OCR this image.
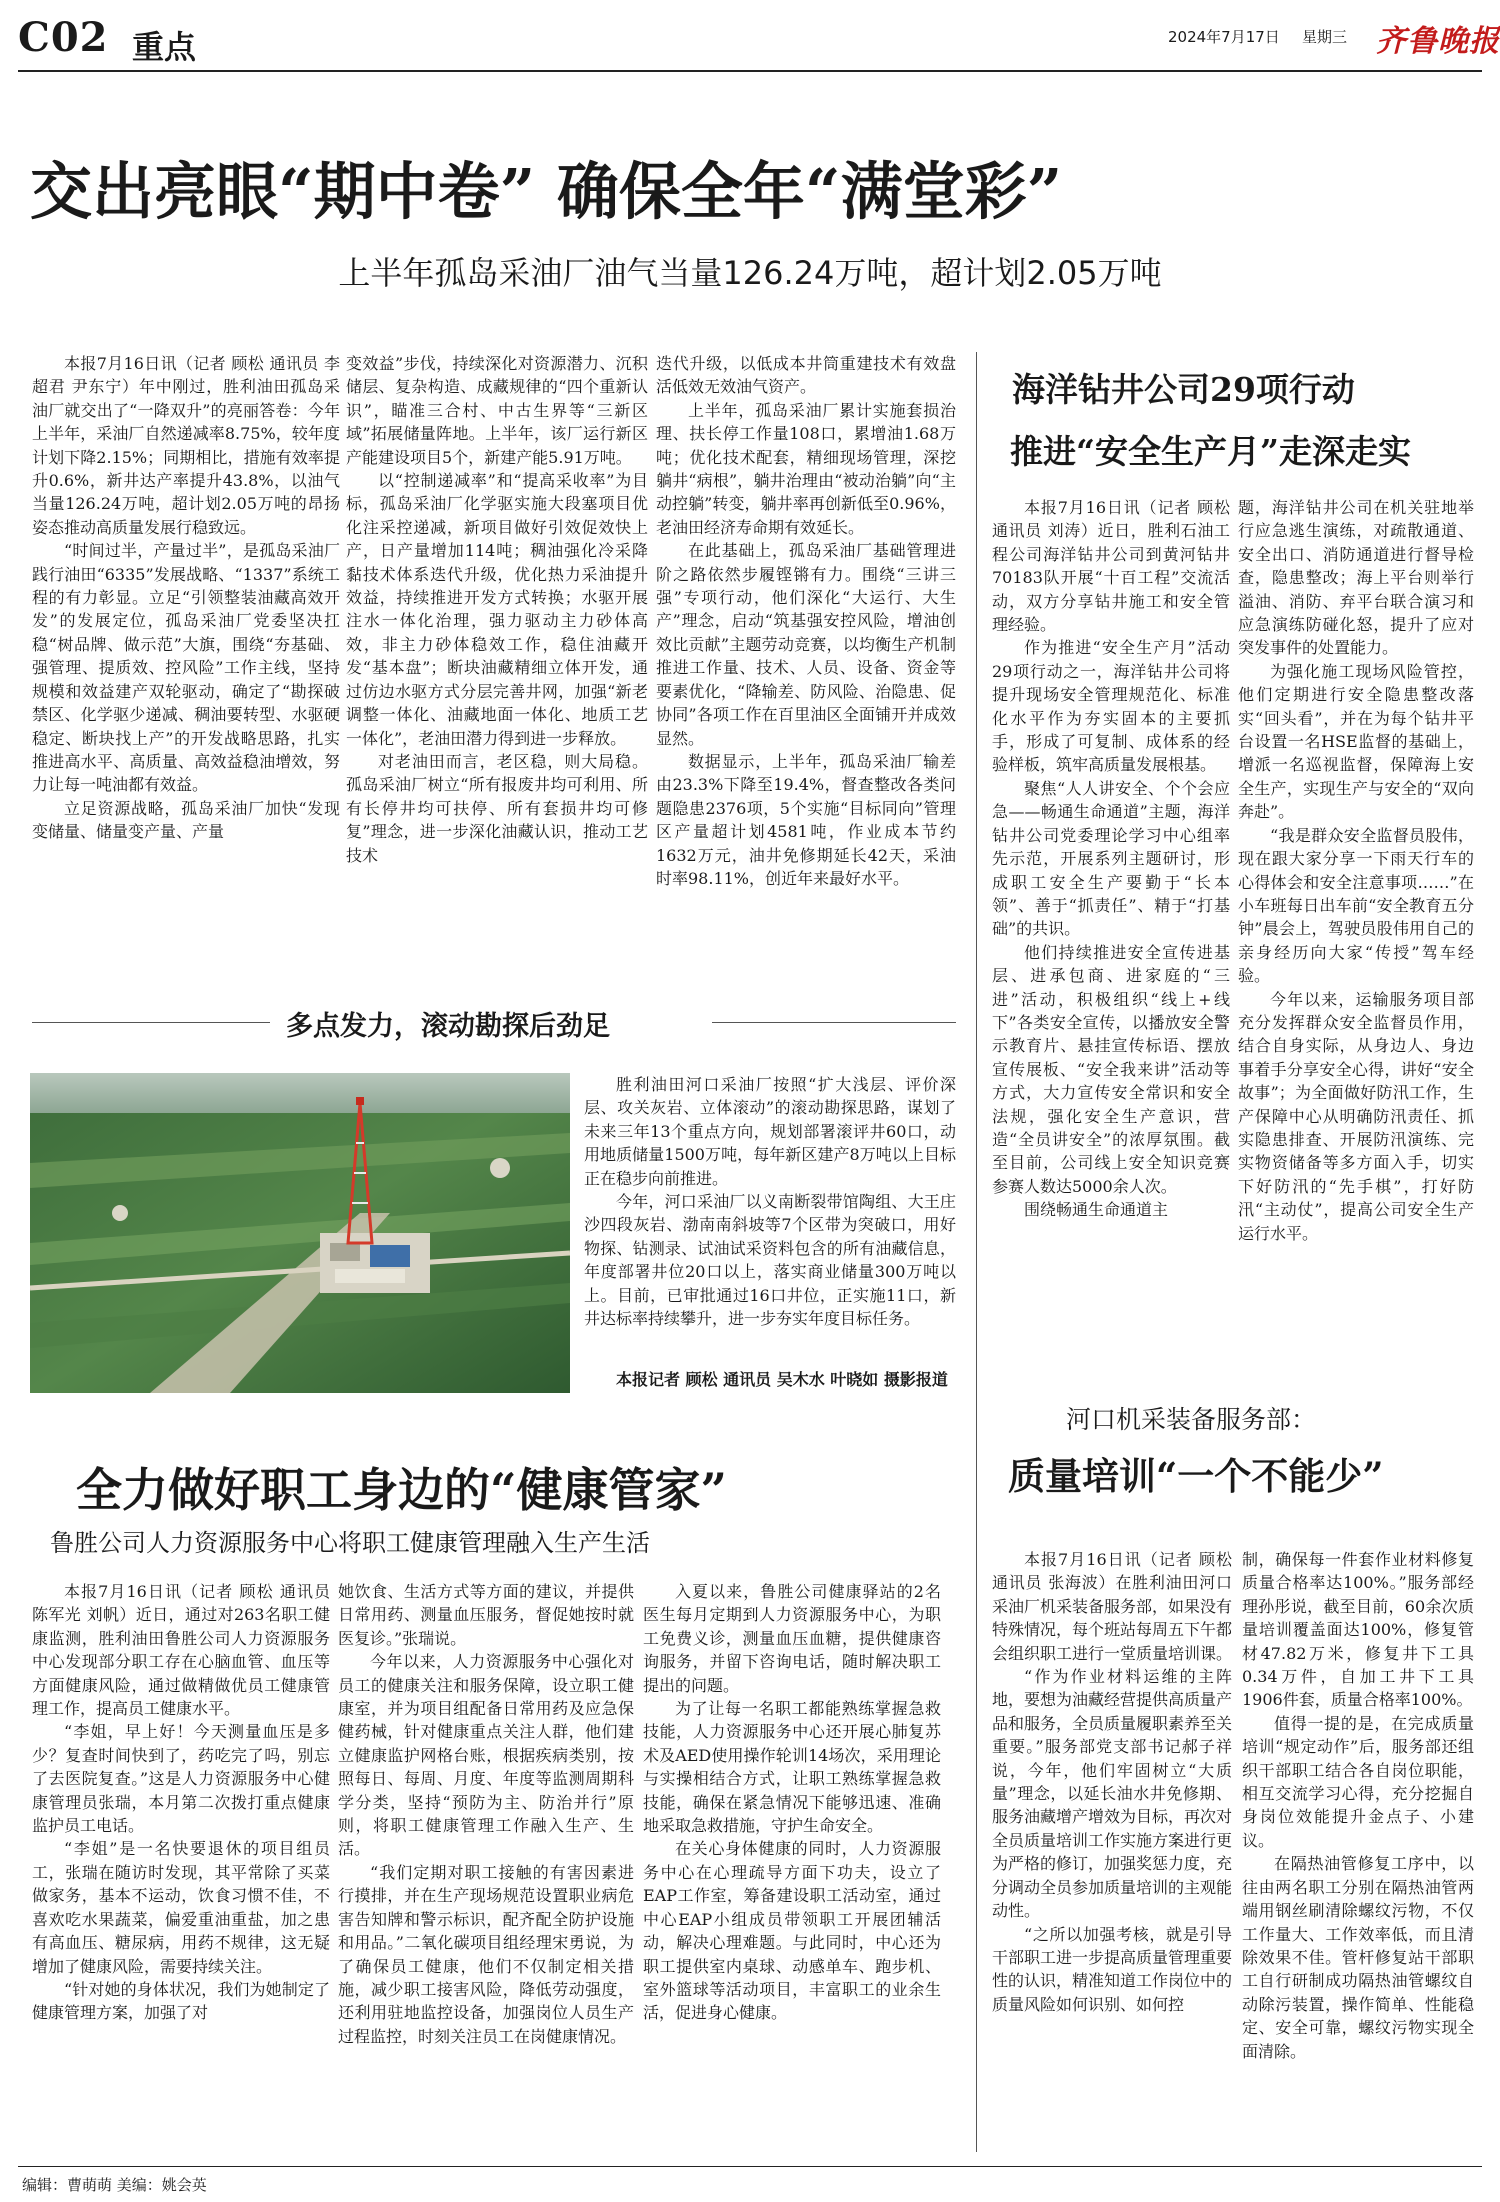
C02 重点	2024年7月17日 星期三 齐鲁晚报
交出亮眼“期中卷” 确保全年“满堂彩”
上半年孤岛采油厂油气当量126.24万吨，超计划2.05万吨

本报7月16日讯（记者 顾松 通讯员 李超君 尹东宁）年中刚过，胜利油田孤岛采油厂就交出了“一降双升”的亮丽答卷：今年上半年，采油厂自然递减率8.75%，较年度计划下降2.15%；同期相比，措施有效率提升0.6%，新井达产率提升43.8%，以油气当量126.24万吨，超计划2.05万吨的昂扬姿态推动高质量发展行稳致远。

“时间过半，产量过半”，是孤岛采油厂践行油田“6335”发展战略、“1337”系统工程的有力彰显。立足“引领整装油藏高效开发”的发展定位，孤岛采油厂党委坚决扛稳“树品牌、做示范”大旗，围绕“夯基础、强管理、提质效、控风险”工作主线，坚持规模和效益建产双轮驱动，确定了“勘探破禁区、化学驱少递减、稠油要转型、水驱硬稳定、断块找上产”的开发战略思路，扎实推进高水平、高质量、高效益稳油增效，努力让每一吨油都有效益。

立足资源战略，孤岛采油厂加快“发现变储量、储量变产量、产量

变效益”步伐，持续深化对资源潜力、沉积储层、复杂构造、成藏规律的“四个重新认识”，瞄准三合村、中古生界等“三新区域”拓展储量阵地。上半年，该厂运行新区产能建设项目5个，新建产能5.91万吨。

以“控制递减率”和“提高采收率”为目标，孤岛采油厂化学驱实施大段塞项目优化注采控递减，新项目做好引效促效快上产，日产量增加114吨；稠油强化冷采降黏技术体系迭代升级，优化热力采油提升效益，持续推进开发方式转换；水驱开展注水一体化治理，强力驱动主力砂体高效，非主力砂体稳效工作，稳住油藏开发“基本盘”；断块油藏精细立体开发，通过仿边水驱方式分层完善井网，加强“新老调整一体化、油藏地面一体化、地质工艺一体化”，老油田潜力得到进一步释放。

对老油田而言，老区稳，则大局稳。孤岛采油厂树立“所有报废井均可利用、所有长停井均可扶停、所有套损井均可修复”理念，进一步深化油藏认识，推动工艺技术

迭代升级，以低成本井筒重建技术有效盘活低效无效油气资产。

上半年，孤岛采油厂累计实施套损治理、扶长停工作量108口，累增油1.68万吨；优化技术配套，精细现场管理，深挖躺井“病根”，躺井治理由“被动治躺”向“主动控躺”转变，躺井率再创新低至0.96%，老油田经济寿命期有效延长。

在此基础上，孤岛采油厂基础管理进阶之路依然步履铿锵有力。围绕“三讲三强”专项行动，他们深化“大运行、大生产”理念，启动“筑基强安控风险，增油创效比贡献”主题劳动竞赛，以均衡生产机制推进工作量、技术、人员、设备、资金等要素优化，“降输差、防风险、治隐患、促协同”各项工作在百里油区全面铺开并成效显然。

数据显示，上半年，孤岛采油厂输差由23.3%下降至19.4%，督查整改各类问题隐患2376项，5个实施“目标同向”管理区产量超计划4581吨，作业成本节约1632万元，油井免修期延长42天，采油时率98.11%，创近年来最好水平。

多点发力，滚动勘探后劲足

胜利油田河口采油厂按照“扩大浅层、评价深层、攻关灰岩、立体滚动”的滚动勘探思路，谋划了未来三年13个重点方向，规划部署滚评井60口，动用地质储量1500万吨，每年新区建产8万吨以上目标正在稳步向前推进。

今年，河口采油厂以义南断裂带馆陶组、大王庄沙四段灰岩、渤南南斜坡等7个区带为突破口，用好物探、钻测录、试油试采资料包含的所有油藏信息，年度部署井位20口以上，落实商业储量300万吨以上。目前，已审批通过16口井位，正实施11口，新井达标率持续攀升，进一步夯实年度目标任务。

本报记者 顾松 通讯员 吴木水 叶晓如 摄影报道

全力做好职工身边的“健康管家”
鲁胜公司人力资源服务中心将职工健康管理融入生产生活

本报7月16日讯（记者 顾松 通讯员 陈军光 刘帆）近日，通过对263名职工健康监测，胜利油田鲁胜公司人力资源服务中心发现部分职工存在心脑血管、血压等方面健康风险，通过做精做优员工健康管理工作，提高员工健康水平。

“李姐，早上好！今天测量血压是多少？复查时间快到了，药吃完了吗，别忘了去医院复查。”这是人力资源服务中心健康管理员张瑞，本月第二次拨打重点健康监护员工电话。

“李姐”是一名快要退休的项目组员工，张瑞在随访时发现，其平常除了买菜做家务，基本不运动，饮食习惯不佳，不喜欢吃水果蔬菜，偏爱重油重盐，加之患有高血压、糖尿病，用药不规律，这无疑增加了健康风险，需要持续关注。

“针对她的身体状况，我们为她制定了健康管理方案，加强了对

她饮食、生活方式等方面的建议，并提供日常用药、测量血压服务，督促她按时就医复诊。”张瑞说。

今年以来，人力资源服务中心强化对员工的健康关注和服务保障，设立职工健康室，并为项目组配备日常用药及应急保健药械，针对健康重点关注人群，他们建立健康监护网格台账，根据疾病类别，按照每日、每周、月度、年度等监测周期科学分类，坚持“预防为主、防治并行”原则，将职工健康管理工作融入生产、生活。

“我们定期对职工接触的有害因素进行摸排，并在生产现场规范设置职业病危害告知牌和警示标识，配齐配全防护设施和用品。”二氧化碳项目组经理宋勇说，为了确保员工健康，他们不仅制定相关措施，减少职工接害风险，降低劳动强度，还利用驻地监控设备，加强岗位人员生产过程监控，时刻关注员工在岗健康情况。

入夏以来，鲁胜公司健康驿站的2名医生每月定期到人力资源服务中心，为职工免费义诊，测量血压血糖，提供健康咨询服务，并留下咨询电话，随时解决职工提出的问题。

为了让每一名职工都能熟练掌握急救技能，人力资源服务中心还开展心肺复苏术及AED使用操作轮训14场次，采用理论与实操相结合方式，让职工熟练掌握急救技能，确保在紧急情况下能够迅速、准确地采取急救措施，守护生命安全。

在关心身体健康的同时，人力资源服务中心在心理疏导方面下功夫，设立了EAP工作室，筹备建设职工活动室，通过中心EAP小组成员带领职工开展团辅活动，解决心理难题。与此同时，中心还为职工提供室内桌球、动感单车、跑步机、室外篮球等活动项目，丰富职工的业余生活，促进身心健康。

海洋钻井公司29项行动
推进“安全生产月”走深走实

本报7月16日讯（记者 顾松 通讯员 刘涛）近日，胜利石油工程公司海洋钻井公司到黄河钻井70183队开展“十百工程”交流活动，双方分享钻井施工和安全管理经验。

作为推进“安全生产月”活动29项行动之一，海洋钻井公司将提升现场安全管理规范化、标准化水平作为夯实固本的主要抓手，形成了可复制、成体系的经验样板，筑牢高质量发展根基。

聚焦“人人讲安全、个个会应急——畅通生命通道”主题，海洋钻井公司党委理论学习中心组率先示范，开展系列主题研讨，形成职工安全生产要勤于“长本领”、善于“抓责任”、精于“打基础”的共识。

他们持续推进安全宣传进基层、进承包商、进家庭的“三进”活动，积极组织“线上+线下”各类安全宣传，以播放安全警示教育片、悬挂宣传标语、摆放宣传展板、“安全我来讲”活动等方式，大力宣传安全常识和安全法规，强化安全生产意识，营造“全员讲安全”的浓厚氛围。截至目前，公司线上安全知识竞赛参赛人数达5000余人次。

围绕畅通生命通道主

题，海洋钻井公司在机关驻地举行应急逃生演练，对疏散通道、安全出口、消防通道进行督导检查，隐患整改；海上平台则举行溢油、消防、弃平台联合演习和应急演练防碰化怒，提升了应对突发事件的处置能力。

为强化施工现场风险管控，他们定期进行安全隐患整改落实“回头看”，并在为每个钻井平台设置一名HSE监督的基础上，增派一名巡视监督，保障海上安全生产，实现生产与安全的“双向奔赴”。

“我是群众安全监督员股伟，现在跟大家分享一下雨天行车的心得体会和安全注意事项……”在小车班每日出车前“安全教育五分钟”晨会上，驾驶员股伟用自己的亲身经历向大家“传授”驾车经验。

今年以来，运输服务项目部充分发挥群众安全监督员作用，结合自身实际，从身边人、身边事着手分享安全心得，讲好“安全故事”；为全面做好防汛工作，生产保障中心从明确防汛责任、抓实隐患排查、开展防汛演练、完实物资储备等多方面入手，切实下好防汛的“先手棋”，打好防汛“主动仗”，提高公司安全生产运行水平。

河口机采装备服务部：
质量培训“一个不能少”

本报7月16日讯（记者 顾松 通讯员 张海波）在胜利油田河口采油厂机采装备服务部，如果没有特殊情况，每个班站每周五下午都会组织职工进行一堂质量培训课。

“作为作业材料运维的主阵地，要想为油藏经营提供高质量产品和服务，全员质量履职素养至关重要。”服务部党支部书记郝子祥说，今年，他们牢固树立“大质量”理念，以延长油水井免修期、服务油藏增产增效为目标，再次对全员质量培训工作实施方案进行更为严格的修订，加强奖惩力度，充分调动全员参加质量培训的主观能动性。

“之所以加强考核，就是引导干部职工进一步提高质量管理重要性的认识，精准知道工作岗位中的质量风险如何识别、如何控

制，确保每一件套作业材料修复质量合格率达100%。”服务部经理孙彤说，截至目前，60余次质量培训覆盖面达100%，修复管材47.82万米，修复井下工具0.34万件，自加工井下工具1906件套，质量合格率100%。

值得一提的是，在完成质量培训“规定动作”后，服务部还组织干部职工结合各自岗位职能，相互交流学习心得，充分挖掘自身岗位效能提升金点子、小建议。

在隔热油管修复工序中，以往由两名职工分别在隔热油管两端用钢丝刷清除螺纹污物，不仅工作量大、工作效率低，而且清除效果不佳。管杆修复站干部职工自行研制成功隔热油管螺纹自动除污装置，操作简单、性能稳定、安全可靠，螺纹污物实现全面清除。

编辑：曹萌萌 美编：姚会英
